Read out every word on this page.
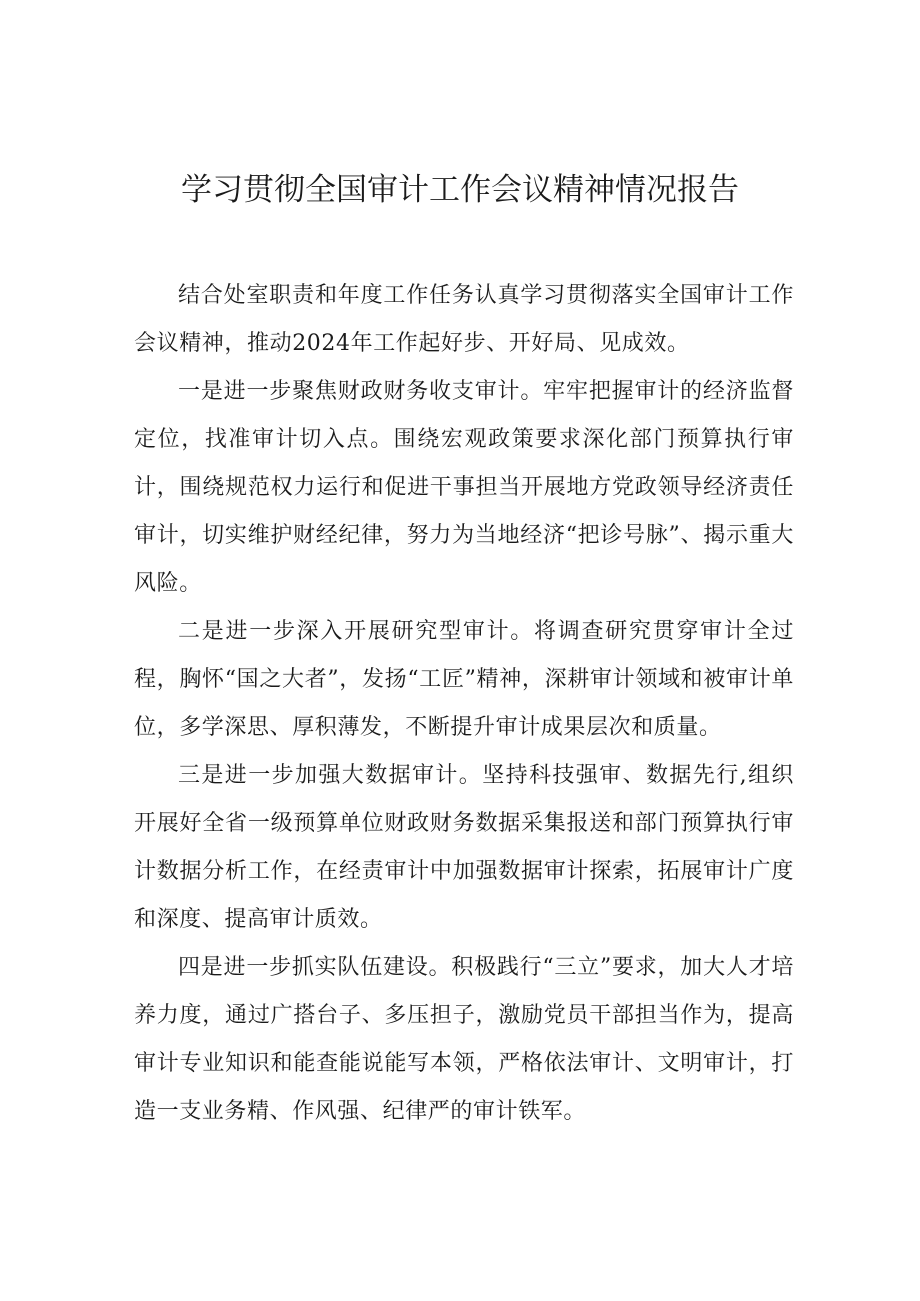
学习贯彻全国审计工作会议精神情况报告

结合处室职责和年度工作任务认真学习贯彻落实全国审计工作会议精神，推动2024年工作起好步、开好局、见成效。

一是进一步聚焦财政财务收支审计。牢牢把握审计的经济监督定位，找准审计切入点。围绕宏观政策要求深化部门预算执行审计，围绕规范权力运行和促进干事担当开展地方党政领导经济责任审计，切实维护财经纪律，努力为当地经济“把诊号脉”、揭示重大风险。

二是进一步深入开展研究型审计。将调查研究贯穿审计全过程，胸怀“国之大者”，发扬“工匠”精神，深耕审计领域和被审计单位，多学深思、厚积薄发，不断提升审计成果层次和质量。

三是进一步加强大数据审计。坚持科技强审、数据先行,组织开展好全省一级预算单位财政财务数据采集报送和部门预算执行审计数据分析工作，在经责审计中加强数据审计探索，拓展审计广度和深度、提高审计质效。

四是进一步抓实队伍建设。积极践行“三立”要求，加大人才培养力度，通过广搭台子、多压担子，激励党员干部担当作为，提高审计专业知识和能查能说能写本领，严格依法审计、文明审计，打造一支业务精、作风强、纪律严的审计铁军。
